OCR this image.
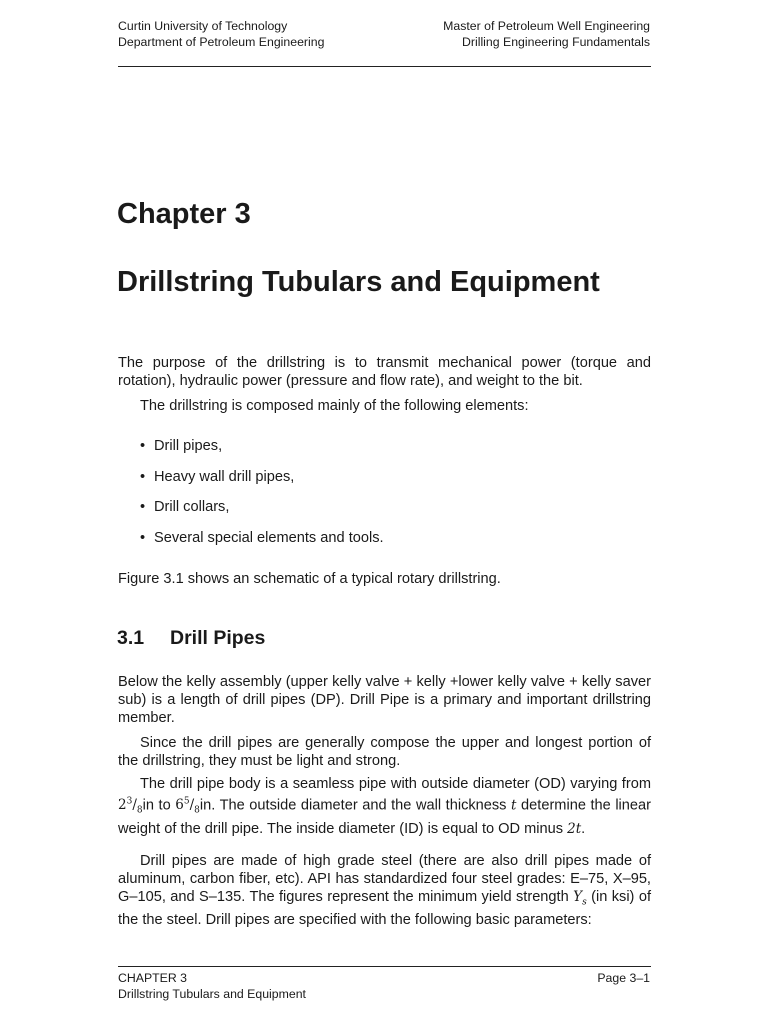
Curtin University of Technology
Department of Petroleum Engineering
Master of Petroleum Well Engineering
Drilling Engineering Fundamentals
Chapter 3
Drillstring Tubulars and Equipment
The purpose of the drillstring is to transmit mechanical power (torque and rotation), hydraulic power (pressure and flow rate), and weight to the bit.
The drillstring is composed mainly of the following elements:
• Drill pipes,
• Heavy wall drill pipes,
• Drill collars,
• Several special elements and tools.
Figure 3.1 shows an schematic of a typical rotary drillstring.
3.1 Drill Pipes
Below the kelly assembly (upper kelly valve + kelly +lower kelly valve + kelly saver sub) is a length of drill pipes (DP). Drill Pipe is a primary and important drillstring member.
Since the drill pipes are generally compose the upper and longest portion of the drillstring, they must be light and strong.
The drill pipe body is a seamless pipe with outside diameter (OD) varying from $2^3/_8in$ to $6^5/_8in$. The outside diameter and the wall thickness t determine the linear weight of the drill pipe. The inside diameter (ID) is equal to OD minus 2t.
Drill pipes are made of high grade steel (there are also drill pipes made of aluminum, carbon fiber, etc). API has standardized four steel grades: E–75, X–95, G–105, and S–135. The figures represent the minimum yield strength $Y_s$ (in ksi) of the the steel. Drill pipes are specified with the following basic parameters:
CHAPTER 3
Drillstring Tubulars and Equipment
Page 3–1
